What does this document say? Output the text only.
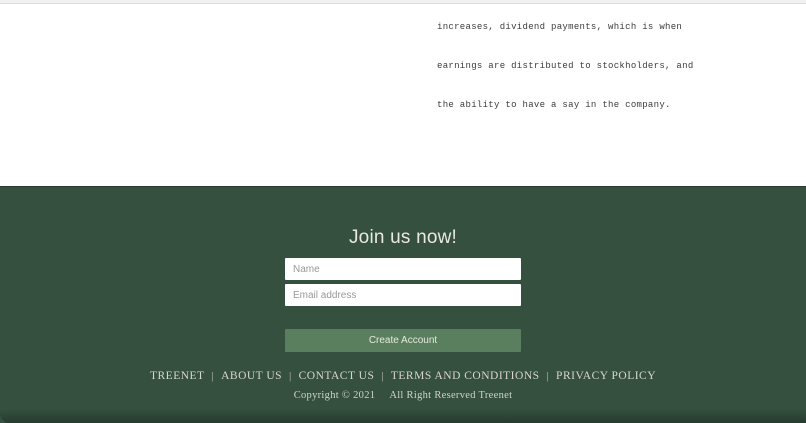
increases, dividend payments, which is when

earnings are distributed to stockholders, and

the ability to have a say in the company.

Join us now!
Name
Email address
Create Account
TREENET | ABOUT US | CONTACT US | TERMS AND CONDITIONS | PRIVACY POLICY
Copyright © 2021 All Right Reserved Treenet
